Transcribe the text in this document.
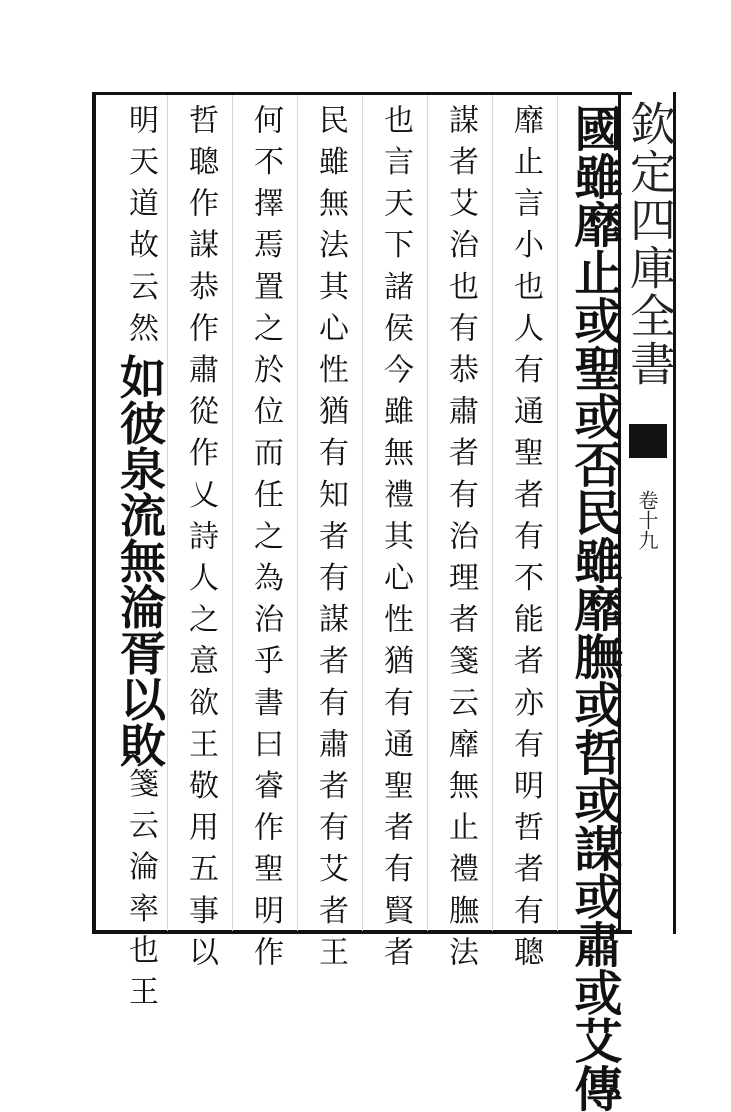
欽定四庫全書
卷十九
國雖靡止或聖或否民雖靡膴或哲或謀或肅或艾傳
靡止言小也人有通聖者有不能者亦有明哲者有聰
謀者艾治也有恭肅者有治理者箋云靡無止禮膴法
也言天下諸侯今雖無禮其心性猶有通聖者有賢者
民雖無法其心性猶有知者有謀者有肅者有艾者王
何不擇焉置之於位而任之為治乎書曰睿作聖明作
哲聰作謀恭作肅從作乂詩人之意欲王敬用五事以
明天道故云然如彼泉流無淪胥以敗箋云淪率也王
